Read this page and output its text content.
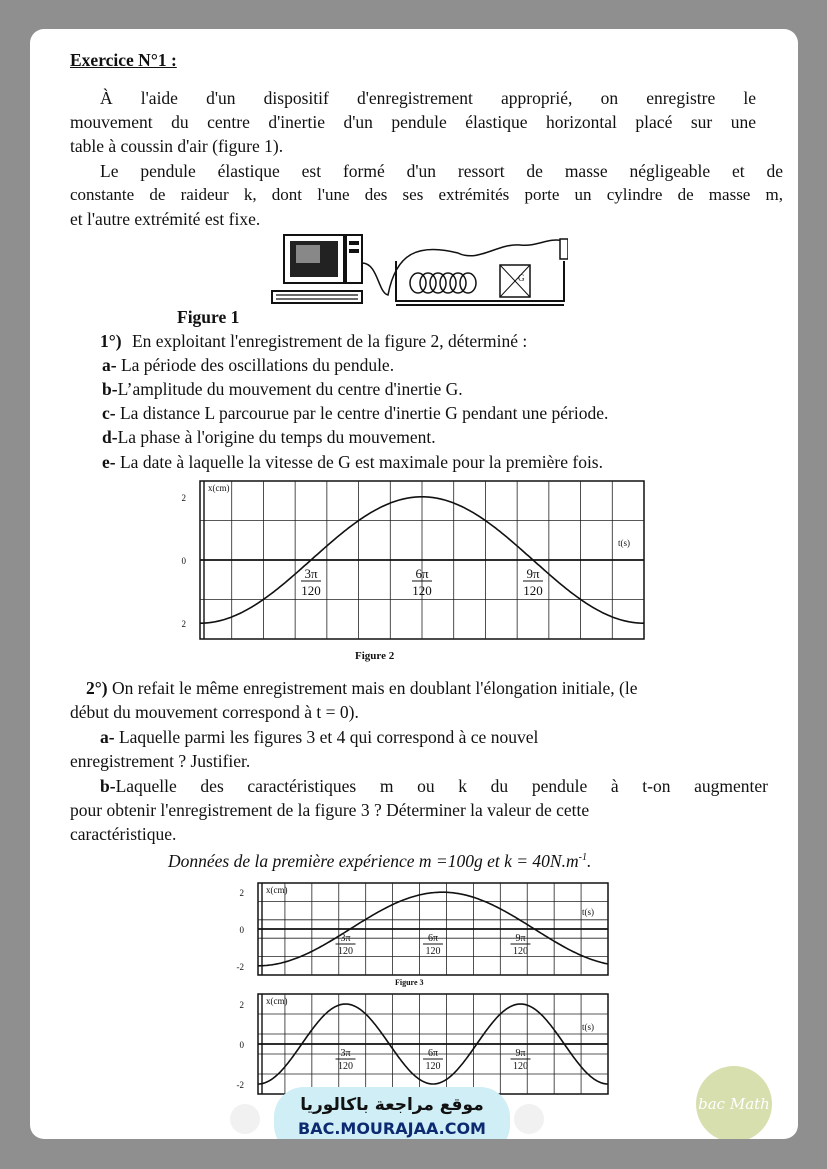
Exercice N°1 :
À l'aide d'un dispositif d'enregistrement approprié, on enregistre le
mouvement du centre d'inertie d'un pendule élastique horizontal placé sur une
table à coussin d'air (figure 1).
Le pendule élastique est formé d'un ressort de masse négligeable et de
constante de raideur k, dont l'une des ses extrémités porte un cylindre de masse m,
et l'autre extrémité est fixe.
G
Figure 1
1°) En exploitant l'enregistrement de la figure 2, déterminé :
a- La période des oscillations du pendule.
b-L’amplitude du mouvement du centre d'inertie G.
c- La distance L parcourue par le centre d'inertie G pendant une période.
d-La phase à l'origine du temps du mouvement.
e- La date à laquelle la vitesse de G est maximale pour la première fois.
x(cm)
t(s)
2
0
2
3π
120
6π
120
9π
120
Figure 2
2°) On refait le même enregistrement mais en doublant l'élongation initiale, (le
début du mouvement correspond à t = 0).
a- Laquelle parmi les figures 3 et 4 qui correspond à ce nouvel
enregistrement ? Justifier.
b-Laquelle des caractéristiques m ou k du pendule à t-on augmenter
pour obtenir l'enregistrement de la figure 3 ? Déterminer la valeur de cette
caractéristique.
Données de la première expérience m =100g et $k = 40N.m^{-1}$.
x(cm)
t(s)
2
0
-2
3π
120
6π
120
9π
120
Figure 3
x(cm)
t(s)
2
0
-2
3π
120
6π
120
9π
120
موقع مراجعة باكالوريا
BAC.MOURAJAA.COM
bac Math
